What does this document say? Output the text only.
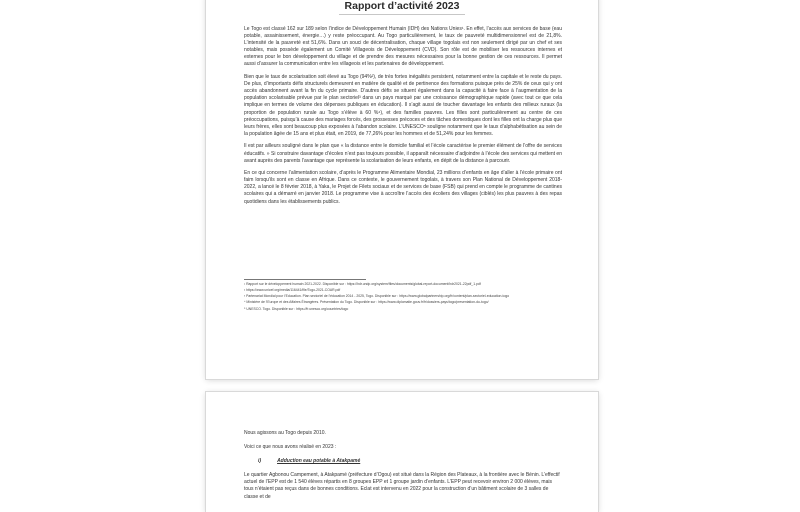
Rapport d’activité 2023

Le Togo est classé 162 sur 189 selon l’indice de Développement Humain (IDH) des Nations Unies¹. En effet, l’accès aux services de base (eau potable, assainissement, énergie…) y reste préoccupant. Au Togo particulièrement, le taux de pauvreté multidimensionnel est de 21,8%. L’intensité de la pauvreté est 51,6%. Dans un souci de décentralisation, chaque village togolais est non seulement dirigé par un chef et ses notables, mais possède également un Comité Villageois de Développement (CVD). Son rôle est de mobiliser les ressources internes et externes pour le bon développement du village et de prendre des mesures nécessaires pour la bonne gestion de ces ressources. Il permet aussi d’assurer la communication entre les villageois et les partenaires de développement.

Bien que le taux de scolarisation soit élevé au Togo (94%²), de très fortes inégalités persistent, notamment entre la capitale et le reste du pays. De plus, d’importants défis structurels demeurent en matière de qualité et de pertinence des formations puisque près de 25% de ceux qui y ont accès abandonnent avant la fin du cycle primaire. D’autres défis se situent également dans la capacité à faire face à l’augmentation de la population scolarisable prévue par le plan sectoriel³ dans un pays marqué par une croissance démographique rapide (avec tout ce que cela implique en termes de volume des dépenses publiques en éducation). Il s’agit aussi de toucher davantage les enfants des milieux ruraux (la proportion de population rurale au Togo s’élève à 60 %⁴), et des familles pauvres. Les filles sont particulièrement au centre de ces préoccupations, puisqu’à cause des mariages forcés, des grossesses précoces et des tâches domestiques dont les filles ont la charge plus que leurs frères, elles sont beaucoup plus exposées à l’abandon scolaire. L’UNESCO⁵ souligne notamment que le taux d’alphabétisation au sein de la population âgée de 15 ans et plus était, en 2019, de 77,26% pour les hommes et de 51,24% pour les femmes.

Il est par ailleurs souligné dans le plan que « la distance entre le domicile familial et l’école caractérise le premier élément de l’offre de services éducatifs. » Si construire davantage d’écoles n’est pas toujours possible, il apparaît nécessaire d’adjoindre à l’école des services qui mettent en avant auprès des parents l’avantage que représente la scolarisation de leurs enfants, en dépit de la distance à parcourir.

En ce qui concerne l’alimentation scolaire, d’après le Programme Alimentaire Mondial, 23 millions d’enfants en âge d’aller à l’école primaire ont faim lorsqu’ils sont en classe en Afrique. Dans ce contexte, le gouvernement togolais, à travers son Plan National de Développement 2018-2022, a lancé le 8 février 2018, à Yaka, le Projet de Filets sociaux et de services de base (FSB) qui prend en compte le programme de cantines scolaires qui a démarré en janvier 2018. Le programme vise à accroître l’accès des écoliers des villages (ciblés) les plus pauvres à des repas quotidiens dans les établissements publics.

¹ Rapport sur le développement humain 2021-2022. Disponible sur : https://hdr.undp.org/system/files/documents/global-report-document/hdr2021-22pdf_1.pdf
² https://www.unicef.org/media/116441/file/Togo-2021-COAR.pdf
³ Partenariat Mondial pour l’Education. Plan sectoriel de l’éducation 2014 - 2025, Togo. Disponible sur : https://www.globalpartnership.org/fr/content/plan-sectoriel-education-togo
⁴ Ministère de l’Europe et des Affaires Étrangères. Présentation du Togo. Disponible sur : https://www.diplomatie.gouv.fr/fr/dossiers-pays/togo/presentation-du-togo/
⁵ UNESCO. Togo. Disponible sur : https://fr.unesco.org/countries/togo

Nous agissons au Togo depuis 2010.

Voici ce que nous avons réalisé en 2023 :

i)	Adduction eau potable à Atakpamé

Le quartier Agbonou Campement, à Atakpamé (préfecture d’Ogou) est situé dans la Région des Plateaux, à la frontière avec le Bénin. L’effectif actuel de l’EPP est de 1 540 élèves répartis en 8 groupes EPP et 1 groupe jardin d’enfants. L’EPP peut recevoir environ 2 000 élèves, mais tous n’étaient pas reçus dans de bonnes conditions. Eclat est intervenu en 2022 pour la construction d’un bâtiment scolaire de 3 salles de classe et de
